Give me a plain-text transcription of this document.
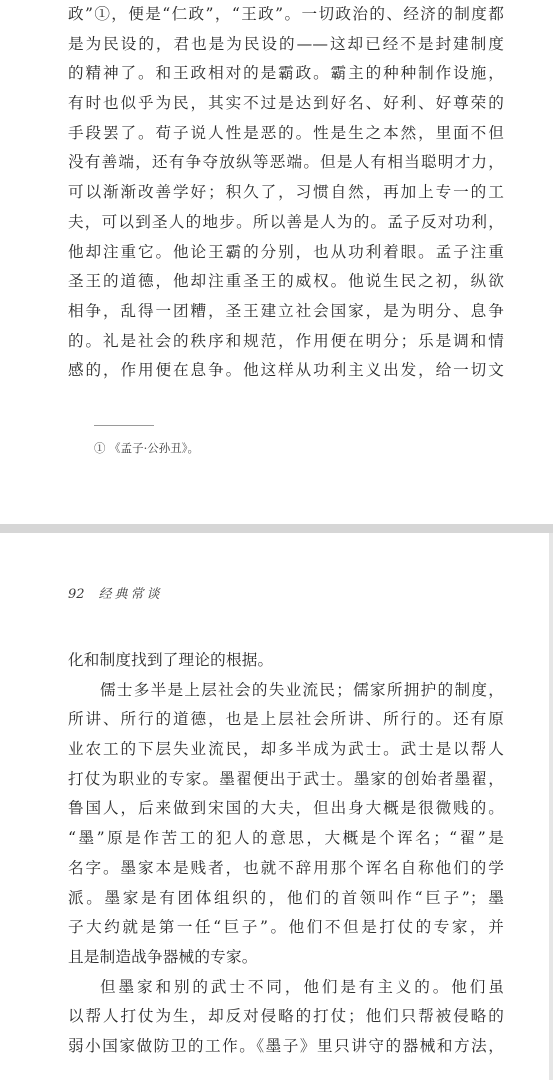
政”①，便是“仁政”，“王政”。一切政治的、经济的制度都
是为民设的，君也是为民设的——这却已经不是封建制度
的精神了。和王政相对的是霸政。霸主的种种制作设施，
有时也似乎为民，其实不过是达到好名、好利、好尊荣的
手段罢了。荀子说人性是恶的。性是生之本然，里面不但
没有善端，还有争夺放纵等恶端。但是人有相当聪明才力，
可以渐渐改善学好；积久了，习惯自然，再加上专一的工
夫，可以到圣人的地步。所以善是人为的。孟子反对功利，
他却注重它。他论王霸的分别，也从功利着眼。孟子注重
圣王的道德，他却注重圣王的威权。他说生民之初，纵欲
相争，乱得一团糟，圣王建立社会国家，是为明分、息争
的。礼是社会的秩序和规范，作用便在明分；乐是调和情
感的，作用便在息争。他这样从功利主义出发，给一切文
① 《孟子·公孙丑》。
92 经典常谈
化和制度找到了理论的根据。
儒士多半是上层社会的失业流民；儒家所拥护的制度，
所讲、所行的道德，也是上层社会所讲、所行的。还有原
业农工的下层失业流民，却多半成为武士。武士是以帮人
打仗为职业的专家。墨翟便出于武士。墨家的创始者墨翟，
鲁国人，后来做到宋国的大夫，但出身大概是很微贱的。
“墨”原是作苦工的犯人的意思，大概是个诨名；“翟”是
名字。墨家本是贱者，也就不辞用那个诨名自称他们的学
派。墨家是有团体组织的，他们的首领叫作“巨子”；墨
子大约就是第一任“巨子”。他们不但是打仗的专家，并
且是制造战争器械的专家。
但墨家和别的武士不同，他们是有主义的。他们虽
以帮人打仗为生，却反对侵略的打仗；他们只帮被侵略的
弱小国家做防卫的工作。《墨子》里只讲守的器械和方法，
